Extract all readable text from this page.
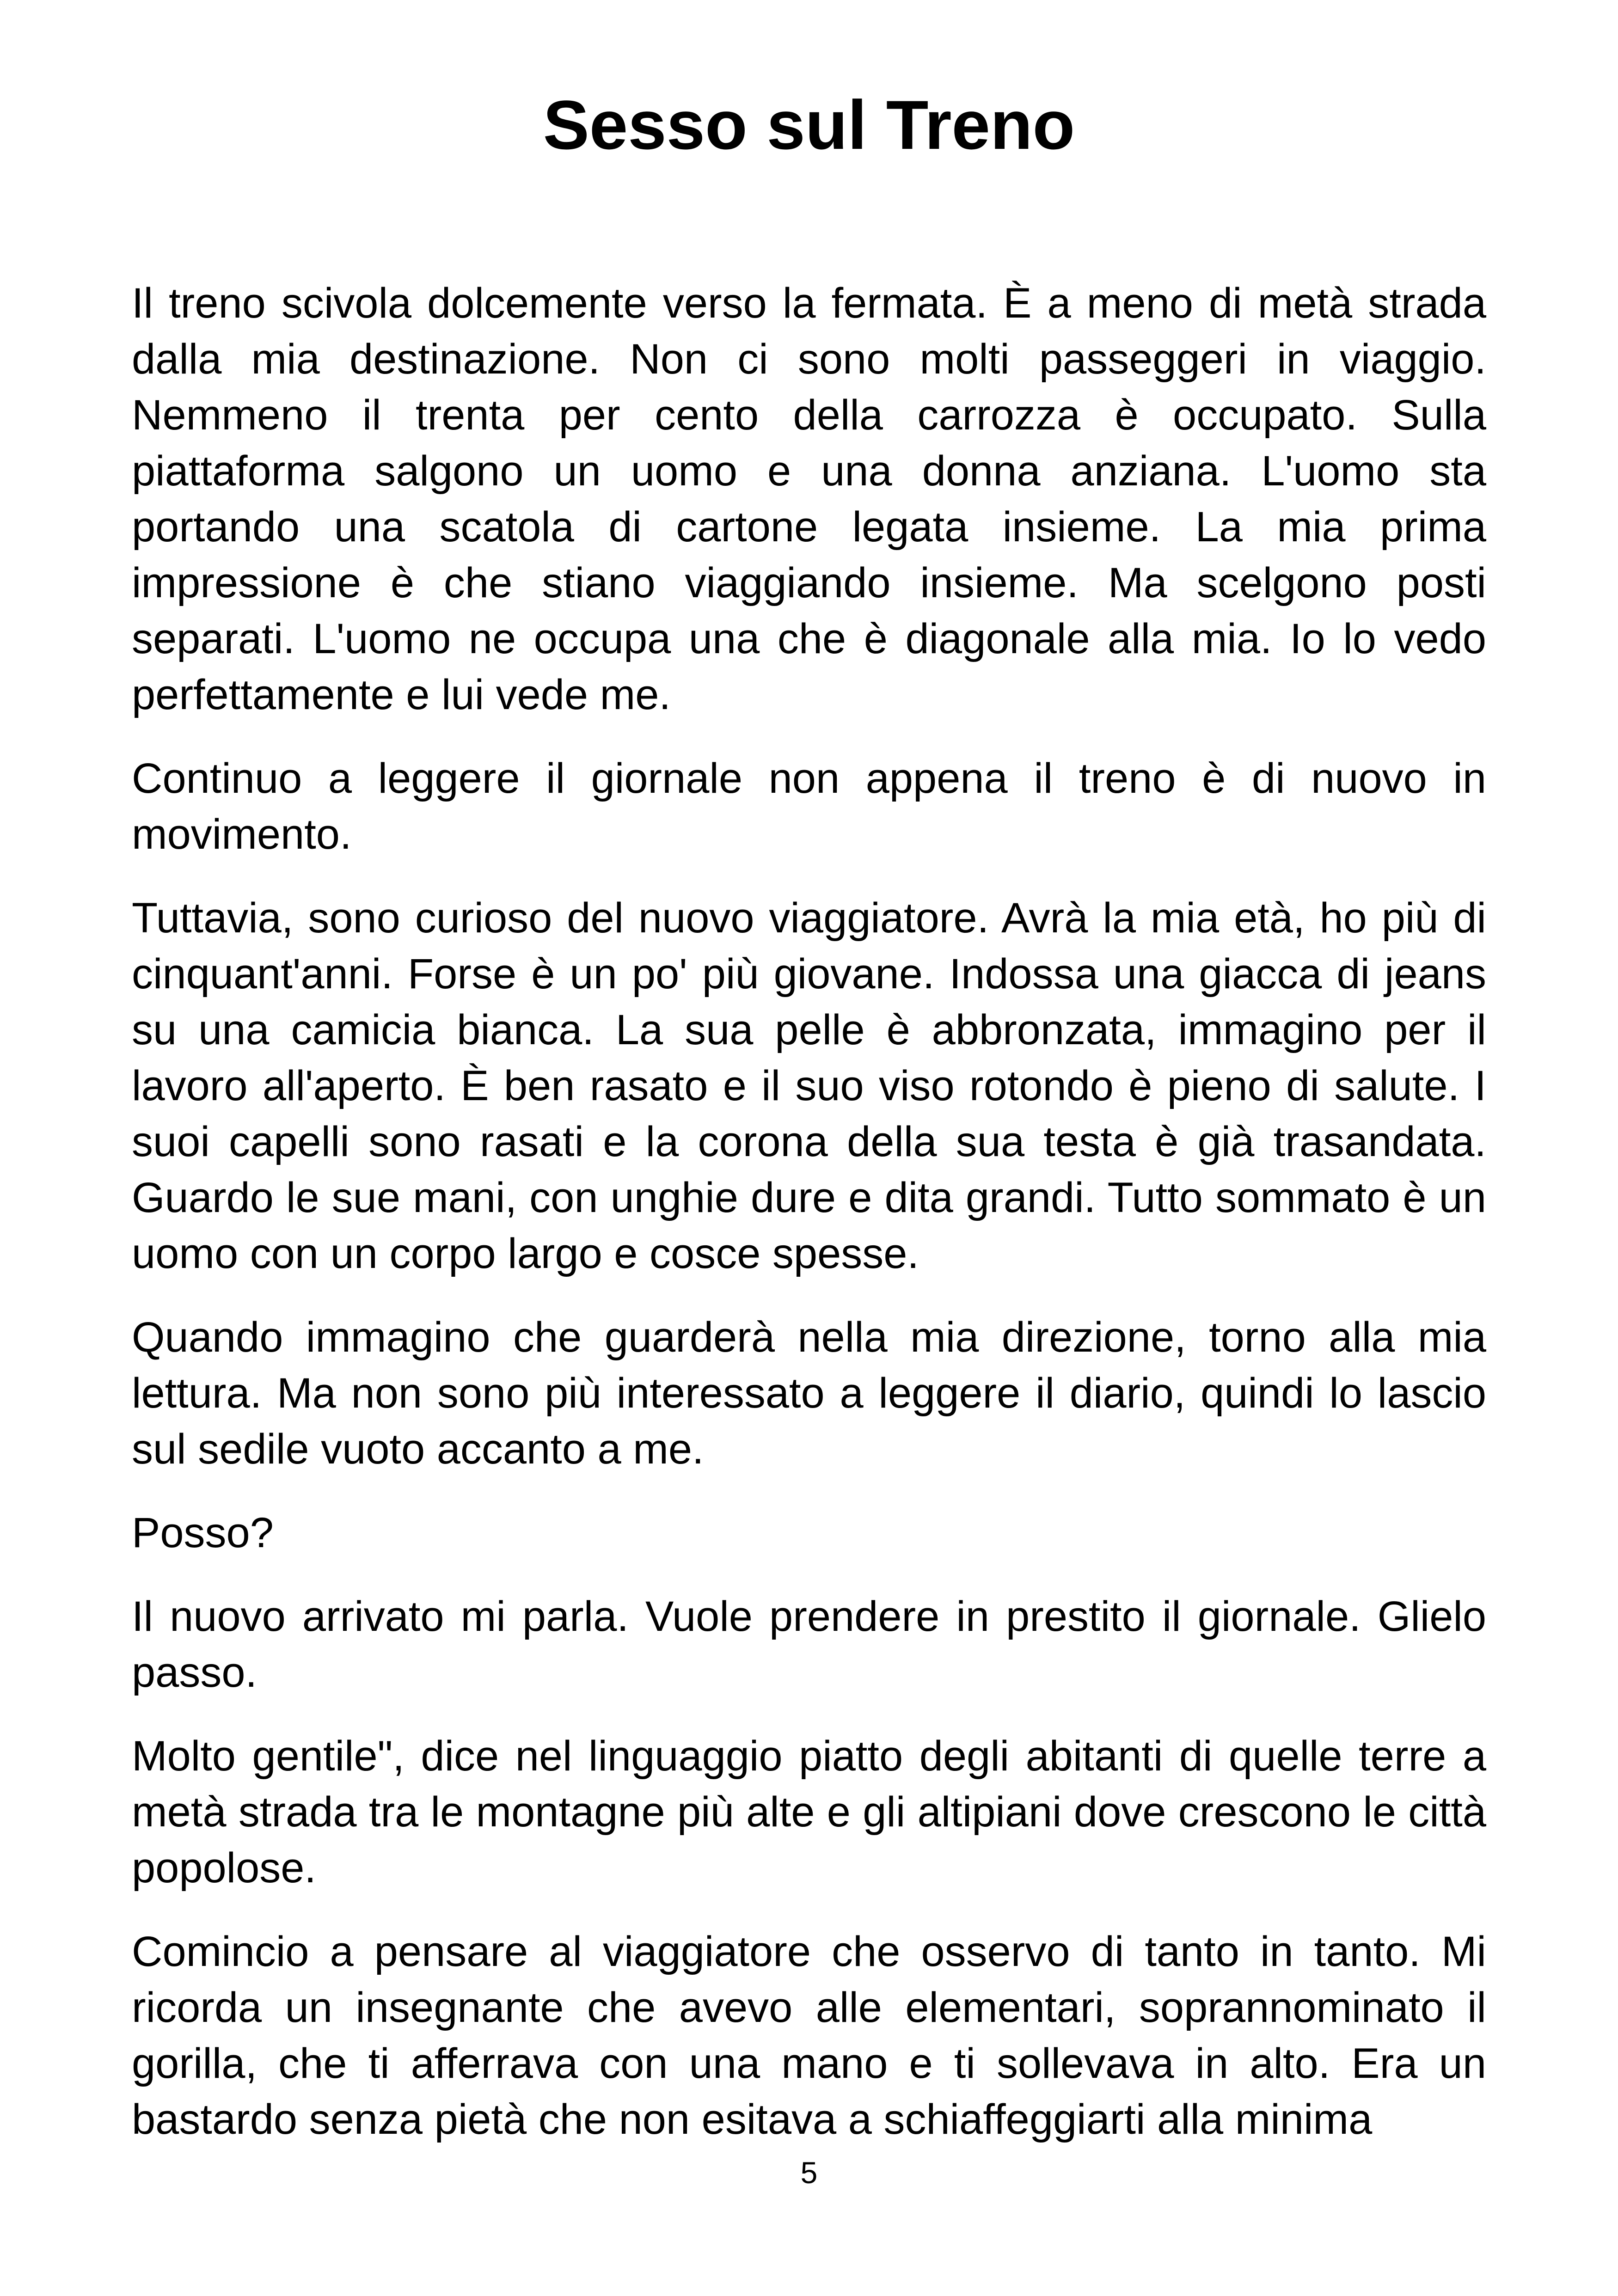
Sesso sul Treno

Il treno scivola dolcemente verso la fermata. È a meno di metà strada dalla mia destinazione. Non ci sono molti passeggeri in viaggio. Nemmeno il trenta per cento della carrozza è occupato. Sulla piattaforma salgono un uomo e una donna anziana. L'uomo sta portando una scatola di cartone legata insieme. La mia prima impressione è che stiano viaggiando insieme. Ma scelgono posti separati. L'uomo ne occupa una che è diagonale alla mia. Io lo vedo perfettamente e lui vede me.

Continuo a leggere il giornale non appena il treno è di nuovo in movimento.

Tuttavia, sono curioso del nuovo viaggiatore. Avrà la mia età, ho più di cinquant'anni. Forse è un po' più giovane. Indossa una giacca di jeans su una camicia bianca. La sua pelle è abbronzata, immagino per il lavoro all'aperto. È ben rasato e il suo viso rotondo è pieno di salute. I suoi capelli sono rasati e la corona della sua testa è già trasandata. Guardo le sue mani, con unghie dure e dita grandi. Tutto sommato è un uomo con un corpo largo e cosce spesse.

Quando immagino che guarderà nella mia direzione, torno alla mia lettura. Ma non sono più interessato a leggere il diario, quindi lo lascio sul sedile vuoto accanto a me.

Posso?

Il nuovo arrivato mi parla. Vuole prendere in prestito il giornale. Glielo passo.

Molto gentile", dice nel linguaggio piatto degli abitanti di quelle terre a metà strada tra le montagne più alte e gli altipiani dove crescono le città popolose.

Comincio a pensare al viaggiatore che osservo di tanto in tanto. Mi ricorda un insegnante che avevo alle elementari, soprannominato il gorilla, che ti afferrava con una mano e ti sollevava in alto. Era un bastardo senza pietà che non esitava a schiaffeggiarti alla minima

5
